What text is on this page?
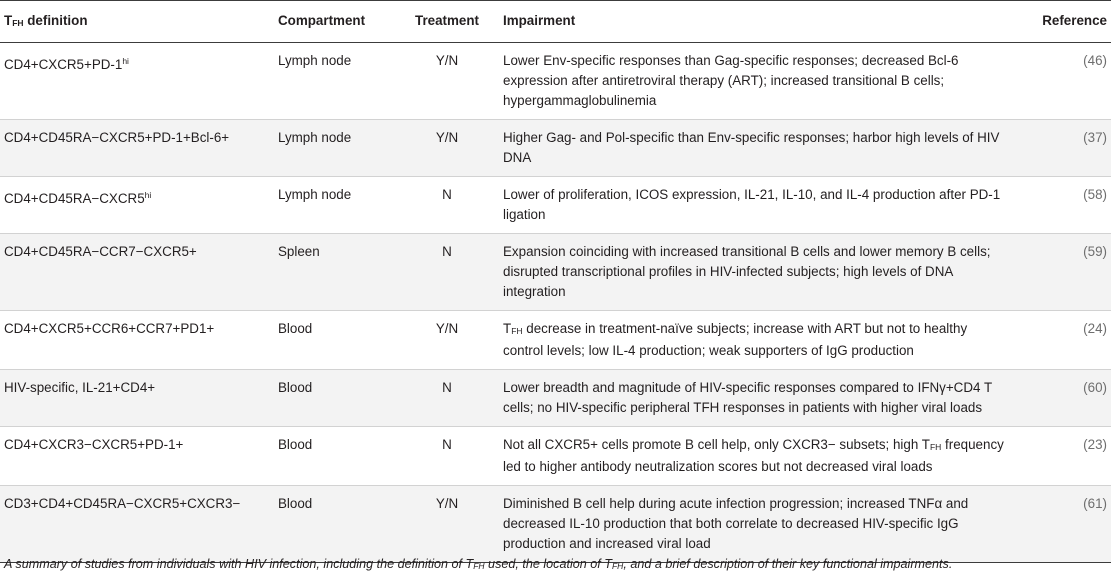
TFH definition	Compartment	Treatment	Impairment	Reference
$CD4+CXCR5+PD-1^{hi}$	Lymph node	Y/N	Lower Env-specific responses than Gag-specific responses; decreased Bcl-6 expression after antiretroviral therapy (ART); increased transitional B cells; hypergammaglobulinemia	(46)
CD4+CD45RA−CXCR5+PD-1+Bcl-6+	Lymph node	Y/N	Higher Gag- and Pol-specific than Env-specific responses; harbor high levels of HIV DNA	(37)
$CD4+CD45RA-CXCR5^{hi}$	Lymph node	N	Lower of proliferation, ICOS expression, IL-21, IL-10, and IL-4 production after PD-1 ligation	(58)
CD4+CD45RA−CCR7−CXCR5+	Spleen	N	Expansion coinciding with increased transitional B cells and lower memory B cells; disrupted transcriptional profiles in HIV-infected subjects; high levels of DNA integration	(59)
CD4+CXCR5+CCR6+CCR7+PD1+	Blood	Y/N	TFH decrease in treatment-naïve subjects; increase with ART but not to healthy control levels; low IL-4 production; weak supporters of IgG production	(24)
HIV-specific, IL-21+CD4+	Blood	N	Lower breadth and magnitude of HIV-specific responses compared to IFNγ+CD4 T cells; no HIV-specific peripheral TFH responses in patients with higher viral loads	(60)
CD4+CXCR3−CXCR5+PD-1+	Blood	N	Not all CXCR5+ cells promote B cell help, only CXCR3− subsets; high TFH frequency led to higher antibody neutralization scores but not decreased viral loads	(23)
CD3+CD4+CD45RA−CXCR5+CXCR3−	Blood	Y/N	Diminished B cell help during acute infection progression; increased TNFα and decreased IL-10 production that both correlate to decreased HIV-specific IgG production and increased viral load	(61)
A summary of studies from individuals with HIV infection, including the definition of TFH used, the location of TFH, and a brief description of their key functional impairments.
